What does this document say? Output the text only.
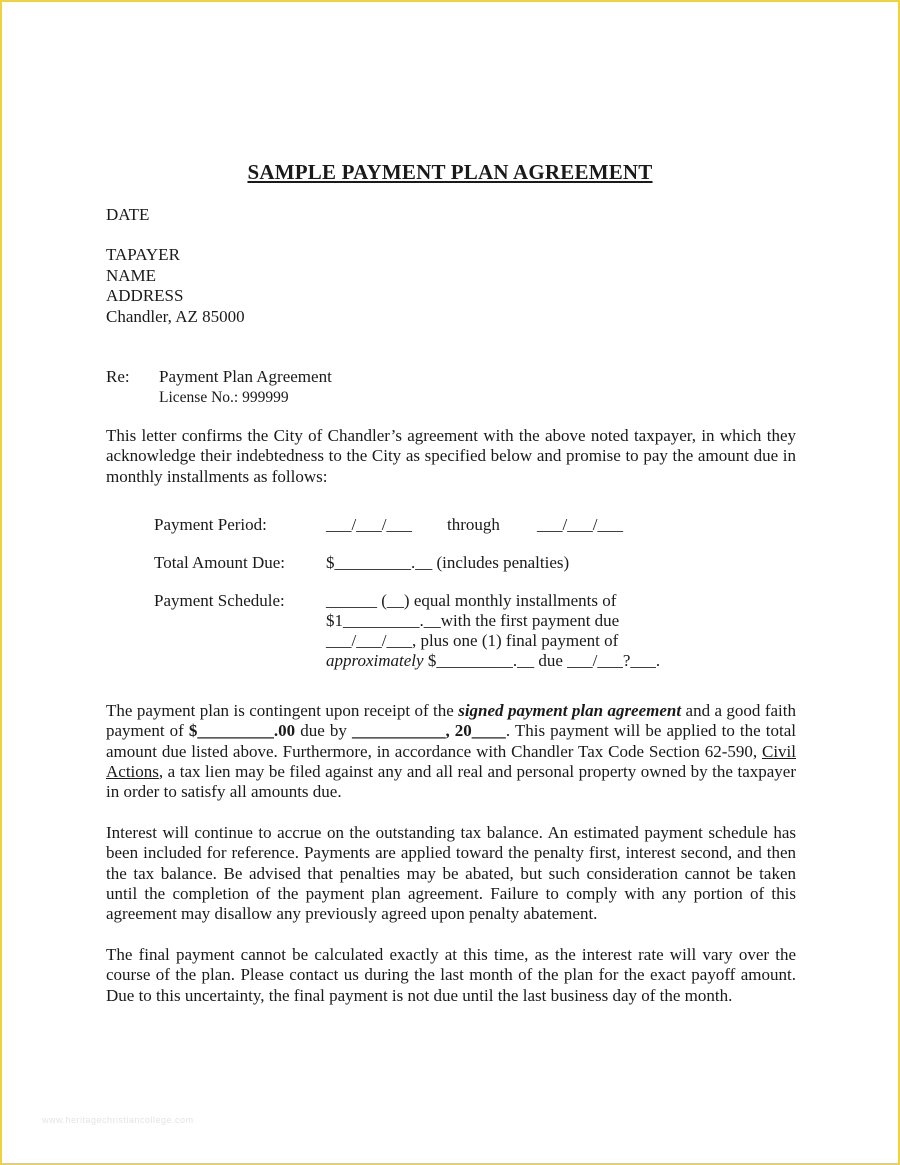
SAMPLE PAYMENT PLAN AGREEMENT
DATE
TAPAYER
NAME
ADDRESS
Chandler, AZ 85000
Re: Payment Plan Agreement
License No.: 999999
This letter confirms the City of Chandler’s agreement with the above noted taxpayer, in which they acknowledge their indebtedness to the City as specified below and promise to pay the amount due in monthly installments as follows:
Payment Period:	___/___/___ through ___/___/___
Total Amount Due: $_________.__ (includes penalties)
Payment Schedule: ______ (__) equal monthly installments of
$1_________.__with the first payment due
___/___/___, plus one (1) final payment of
approximately $_________.__ due ___/___?___.
The payment plan is contingent upon receipt of the signed payment plan agreement and a good faith payment of $_________.00 due by ___________, 20____. This payment will be applied to the total amount due listed above. Furthermore, in accordance with Chandler Tax Code Section 62-590, Civil Actions, a tax lien may be filed against any and all real and personal property owned by the taxpayer in order to satisfy all amounts due.
Interest will continue to accrue on the outstanding tax balance. An estimated payment schedule has been included for reference. Payments are applied toward the penalty first, interest second, and then the tax balance. Be advised that penalties may be abated, but such consideration cannot be taken until the completion of the payment plan agreement. Failure to comply with any portion of this agreement may disallow any previously agreed upon penalty abatement.
The final payment cannot be calculated exactly at this time, as the interest rate will vary over the course of the plan. Please contact us during the last month of the plan for the exact payoff amount. Due to this uncertainty, the final payment is not due until the last business day of the month.
www.heritagechristiancollege.com
